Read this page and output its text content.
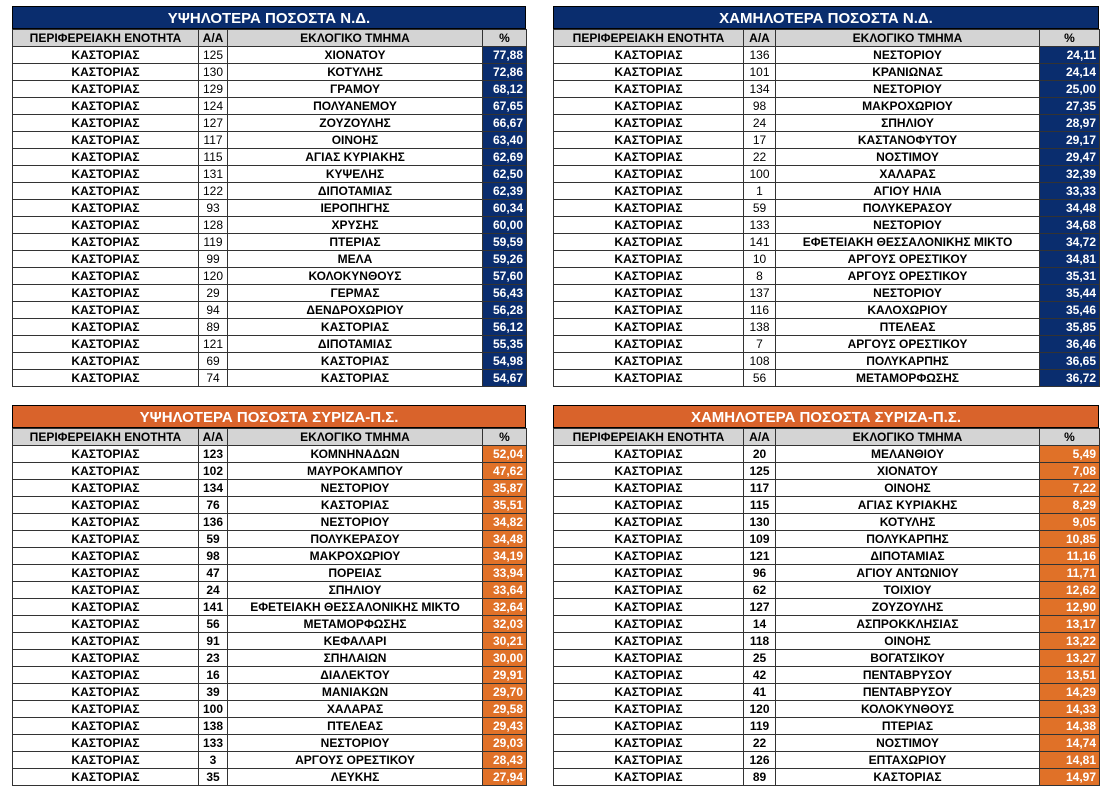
ΥΨΗΛΟΤΕΡΑ ΠΟΣΟΣΤΑ Ν.Δ.
ΠΕΡΙΦΕΡΕΙΑΚΗ ΕΝΟΤΗΤΑ	Α/Α	ΕΚΛΟΓΙΚΟ ΤΜΗΜΑ	%
ΚΑΣΤΟΡΙΑΣ	125	ΧΙΟΝΑΤΟΥ	77,88
ΚΑΣΤΟΡΙΑΣ	130	ΚΟΤΥΛΗΣ	72,86
ΚΑΣΤΟΡΙΑΣ	129	ΓΡΑΜΟΥ	68,12
ΚΑΣΤΟΡΙΑΣ	124	ΠΟΛΥΑΝΕΜΟΥ	67,65
ΚΑΣΤΟΡΙΑΣ	127	ΖΟΥΖΟΥΛΗΣ	66,67
ΚΑΣΤΟΡΙΑΣ	117	ΟΙΝΟΗΣ	63,40
ΚΑΣΤΟΡΙΑΣ	115	ΑΓΙΑΣ ΚΥΡΙΑΚΗΣ	62,69
ΚΑΣΤΟΡΙΑΣ	131	ΚΥΨΕΛΗΣ	62,50
ΚΑΣΤΟΡΙΑΣ	122	ΔΙΠΟΤΑΜΙΑΣ	62,39
ΚΑΣΤΟΡΙΑΣ	93	ΙΕΡΟΠΗΓΗΣ	60,34
ΚΑΣΤΟΡΙΑΣ	128	ΧΡΥΣΗΣ	60,00
ΚΑΣΤΟΡΙΑΣ	119	ΠΤΕΡΙΑΣ	59,59
ΚΑΣΤΟΡΙΑΣ	99	ΜΕΛΑ	59,26
ΚΑΣΤΟΡΙΑΣ	120	ΚΟΛΟΚΥΝΘΟΥΣ	57,60
ΚΑΣΤΟΡΙΑΣ	29	ΓΕΡΜΑΣ	56,43
ΚΑΣΤΟΡΙΑΣ	94	ΔΕΝΔΡΟΧΩΡΙΟΥ	56,28
ΚΑΣΤΟΡΙΑΣ	89	ΚΑΣΤΟΡΙΑΣ	56,12
ΚΑΣΤΟΡΙΑΣ	121	ΔΙΠΟΤΑΜΙΑΣ	55,35
ΚΑΣΤΟΡΙΑΣ	69	ΚΑΣΤΟΡΙΑΣ	54,98
ΚΑΣΤΟΡΙΑΣ	74	ΚΑΣΤΟΡΙΑΣ	54,67
ΧΑΜΗΛΟΤΕΡΑ ΠΟΣΟΣΤΑ Ν.Δ.
ΠΕΡΙΦΕΡΕΙΑΚΗ ΕΝΟΤΗΤΑ	Α/Α	ΕΚΛΟΓΙΚΟ ΤΜΗΜΑ	%
ΚΑΣΤΟΡΙΑΣ	136	ΝΕΣΤΟΡΙΟΥ	24,11
ΚΑΣΤΟΡΙΑΣ	101	ΚΡΑΝΙΩΝΑΣ	24,14
ΚΑΣΤΟΡΙΑΣ	134	ΝΕΣΤΟΡΙΟΥ	25,00
ΚΑΣΤΟΡΙΑΣ	98	ΜΑΚΡΟΧΩΡΙΟΥ	27,35
ΚΑΣΤΟΡΙΑΣ	24	ΣΠΗΛΙΟΥ	28,97
ΚΑΣΤΟΡΙΑΣ	17	ΚΑΣΤΑΝΟΦΥΤΟΥ	29,17
ΚΑΣΤΟΡΙΑΣ	22	ΝΟΣΤΙΜΟΥ	29,47
ΚΑΣΤΟΡΙΑΣ	100	ΧΑΛΑΡΑΣ	32,39
ΚΑΣΤΟΡΙΑΣ	1	ΑΓΙΟΥ ΗΛΙΑ	33,33
ΚΑΣΤΟΡΙΑΣ	59	ΠΟΛΥΚΕΡΑΣΟΥ	34,48
ΚΑΣΤΟΡΙΑΣ	133	ΝΕΣΤΟΡΙΟΥ	34,68
ΚΑΣΤΟΡΙΑΣ	141	ΕΦΕΤΕΙΑΚΗ ΘΕΣΣΑΛΟΝΙΚΗΣ ΜΙΚΤΟ	34,72
ΚΑΣΤΟΡΙΑΣ	10	ΑΡΓΟΥΣ ΟΡΕΣΤΙΚΟΥ	34,81
ΚΑΣΤΟΡΙΑΣ	8	ΑΡΓΟΥΣ ΟΡΕΣΤΙΚΟΥ	35,31
ΚΑΣΤΟΡΙΑΣ	137	ΝΕΣΤΟΡΙΟΥ	35,44
ΚΑΣΤΟΡΙΑΣ	116	ΚΑΛΟΧΩΡΙΟΥ	35,46
ΚΑΣΤΟΡΙΑΣ	138	ΠΤΕΛΕΑΣ	35,85
ΚΑΣΤΟΡΙΑΣ	7	ΑΡΓΟΥΣ ΟΡΕΣΤΙΚΟΥ	36,46
ΚΑΣΤΟΡΙΑΣ	108	ΠΟΛΥΚΑΡΠΗΣ	36,65
ΚΑΣΤΟΡΙΑΣ	56	ΜΕΤΑΜΟΡΦΩΣΗΣ	36,72
ΥΨΗΛΟΤΕΡΑ ΠΟΣΟΣΤΑ ΣΥΡΙΖΑ-Π.Σ.
ΠΕΡΙΦΕΡΕΙΑΚΗ ΕΝΟΤΗΤΑ	Α/Α	ΕΚΛΟΓΙΚΟ ΤΜΗΜΑ	%
ΚΑΣΤΟΡΙΑΣ	123	ΚΟΜΝΗΝΑΔΩΝ	52,04
ΚΑΣΤΟΡΙΑΣ	102	ΜΑΥΡΟΚΑΜΠΟΥ	47,62
ΚΑΣΤΟΡΙΑΣ	134	ΝΕΣΤΟΡΙΟΥ	35,87
ΚΑΣΤΟΡΙΑΣ	76	ΚΑΣΤΟΡΙΑΣ	35,51
ΚΑΣΤΟΡΙΑΣ	136	ΝΕΣΤΟΡΙΟΥ	34,82
ΚΑΣΤΟΡΙΑΣ	59	ΠΟΛΥΚΕΡΑΣΟΥ	34,48
ΚΑΣΤΟΡΙΑΣ	98	ΜΑΚΡΟΧΩΡΙΟΥ	34,19
ΚΑΣΤΟΡΙΑΣ	47	ΠΟΡΕΙΑΣ	33,94
ΚΑΣΤΟΡΙΑΣ	24	ΣΠΗΛΙΟΥ	33,64
ΚΑΣΤΟΡΙΑΣ	141	ΕΦΕΤΕΙΑΚΗ ΘΕΣΣΑΛΟΝΙΚΗΣ ΜΙΚΤΟ	32,64
ΚΑΣΤΟΡΙΑΣ	56	ΜΕΤΑΜΟΡΦΩΣΗΣ	32,03
ΚΑΣΤΟΡΙΑΣ	91	ΚΕΦΑΛΑΡΙ	30,21
ΚΑΣΤΟΡΙΑΣ	23	ΣΠΗΛΑΙΩΝ	30,00
ΚΑΣΤΟΡΙΑΣ	16	ΔΙΑΛΕΚΤΟΥ	29,91
ΚΑΣΤΟΡΙΑΣ	39	ΜΑΝΙΑΚΩΝ	29,70
ΚΑΣΤΟΡΙΑΣ	100	ΧΑΛΑΡΑΣ	29,58
ΚΑΣΤΟΡΙΑΣ	138	ΠΤΕΛΕΑΣ	29,43
ΚΑΣΤΟΡΙΑΣ	133	ΝΕΣΤΟΡΙΟΥ	29,03
ΚΑΣΤΟΡΙΑΣ	3	ΑΡΓΟΥΣ ΟΡΕΣΤΙΚΟΥ	28,43
ΚΑΣΤΟΡΙΑΣ	35	ΛΕΥΚΗΣ	27,94
ΧΑΜΗΛΟΤΕΡΑ ΠΟΣΟΣΤΑ ΣΥΡΙΖΑ-Π.Σ.
ΠΕΡΙΦΕΡΕΙΑΚΗ ΕΝΟΤΗΤΑ	Α/Α	ΕΚΛΟΓΙΚΟ ΤΜΗΜΑ	%
ΚΑΣΤΟΡΙΑΣ	20	ΜΕΛΑΝΘΙΟΥ	5,49
ΚΑΣΤΟΡΙΑΣ	125	ΧΙΟΝΑΤΟΥ	7,08
ΚΑΣΤΟΡΙΑΣ	117	ΟΙΝΟΗΣ	7,22
ΚΑΣΤΟΡΙΑΣ	115	ΑΓΙΑΣ ΚΥΡΙΑΚΗΣ	8,29
ΚΑΣΤΟΡΙΑΣ	130	ΚΟΤΥΛΗΣ	9,05
ΚΑΣΤΟΡΙΑΣ	109	ΠΟΛΥΚΑΡΠΗΣ	10,85
ΚΑΣΤΟΡΙΑΣ	121	ΔΙΠΟΤΑΜΙΑΣ	11,16
ΚΑΣΤΟΡΙΑΣ	96	ΑΓΙΟΥ ΑΝΤΩΝΙΟΥ	11,71
ΚΑΣΤΟΡΙΑΣ	62	ΤΟΙΧΙΟΥ	12,62
ΚΑΣΤΟΡΙΑΣ	127	ΖΟΥΖΟΥΛΗΣ	12,90
ΚΑΣΤΟΡΙΑΣ	14	ΑΣΠΡΟΚΚΛΗΣΙΑΣ	13,17
ΚΑΣΤΟΡΙΑΣ	118	ΟΙΝΟΗΣ	13,22
ΚΑΣΤΟΡΙΑΣ	25	ΒΟΓΑΤΣΙΚΟΥ	13,27
ΚΑΣΤΟΡΙΑΣ	42	ΠΕΝΤΑΒΡΥΣΟΥ	13,51
ΚΑΣΤΟΡΙΑΣ	41	ΠΕΝΤΑΒΡΥΣΟΥ	14,29
ΚΑΣΤΟΡΙΑΣ	120	ΚΟΛΟΚΥΝΘΟΥΣ	14,33
ΚΑΣΤΟΡΙΑΣ	119	ΠΤΕΡΙΑΣ	14,38
ΚΑΣΤΟΡΙΑΣ	22	ΝΟΣΤΙΜΟΥ	14,74
ΚΑΣΤΟΡΙΑΣ	126	ΕΠΤΑΧΩΡΙΟΥ	14,81
ΚΑΣΤΟΡΙΑΣ	89	ΚΑΣΤΟΡΙΑΣ	14,97
